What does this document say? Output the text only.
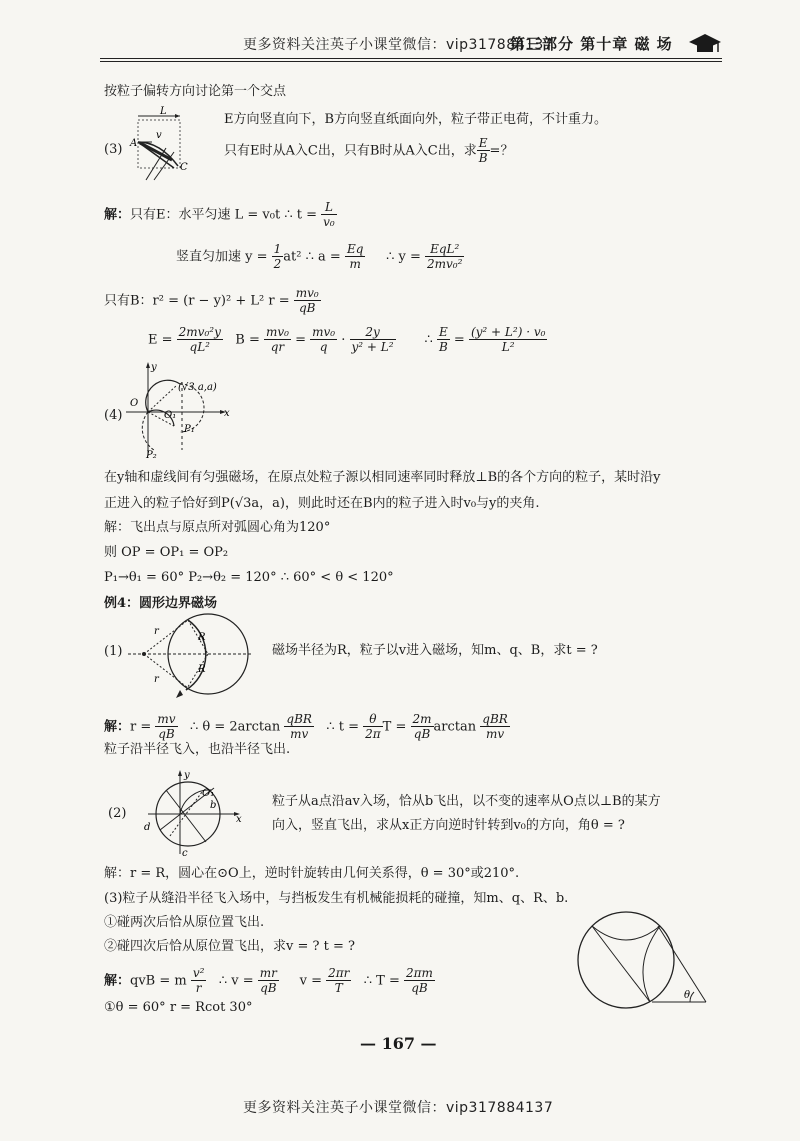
更多资料关注英子小课堂微信：vip317884137
第三部分 第十章 磁 场
按粒子偏转方向讨论第一个交点
(3)
L
v
A
C
E方向竖直向下，B方向竖直纸面向外，粒子带正电荷，不计重力。
只有E时从A入C出，只有B时从A入C出，求 $\frac{E}{B}$ =？
解：只有E：水平匀速 L = v₀t ∴ $t = \frac{L}{\text{v₀}}$
竖直匀加速 $y = \frac{1}{2} at^2$ ∴ $a = \frac{Eq}{m}$ ∴ y =
EqL²
2mv₀²
只有B：r² = (r − y)² + L² $r = \frac{\text{mv₀}}{qB}$
$E = \frac{\text{2mv₀²y}}{\text{qL²}}$ $B = \frac{\text{mv₀}}{qr} = \frac{\text{mv₀}}{q} \cdot \frac{2y}{\text{y² + L²}}$ ∴ $\frac{E}{B} = \frac{\text{(y² + L²) · v₀}}{\text{L²}}$
(4)
y
x
O
O₁
(√3 a,a)
P₁
P₂
在y轴和虚线间有匀强磁场，在原点处粒子源以相同速率同时释放⊥B的各个方向的粒子，某时沿y
正进入的粒子恰好到P(√3a，a)，则此时还在B内的粒子进入时v₀与y的夹角.
解：飞出点与原点所对弧圆心角为120°
则 OP = OP₁ = OP₂
P₁→θ₁ = 60° P₂→θ₂ = 120° ∴ 60° < θ < 120°
例4：圆形边界磁场
(1)
R
R
r
r
磁场半径为R，粒子以v进入磁场，知m、q、B，求t = ?
解：$r = \frac{mv}{qB}$ ∴ θ = 2arctan
qBR
mv	∴ $t = \frac{\theta}{2\pi}$ $T = \frac{2m}{qB}$ arctan
qBR
mv
粒子沿半径飞入，也沿半径飞出.
(2)	x
y
O₁
b
d
c
粒子从a点沿av入场，恰从b飞出，以不变的速率从O点以⊥B的某方
向入，竖直飞出，求从x正方向逆时针转到v₀的方向，角θ = ?
解：r = R，圆心在⊙O上，逆时针旋转由几何关系得，θ = 30°或210°.
(3)粒子从缝沿半径飞入场中，与挡板发生有机械能损耗的碰撞，知m、q、R、b.
①碰两次后恰从原位置飞出.
②碰四次后恰从原位置飞出，求v = ? t = ?
解：qvB = m $\frac{\text{v²}}{r}$ ∴ $v = \frac{mr}{qB}$ $v = \frac{2\pi r}{T}$ ∴ $T = \frac{2\pi m}{qB}$
①θ = 60° r = Rcot 30°
θ
— 167 —
更多资料关注英子小课堂微信：vip317884137
